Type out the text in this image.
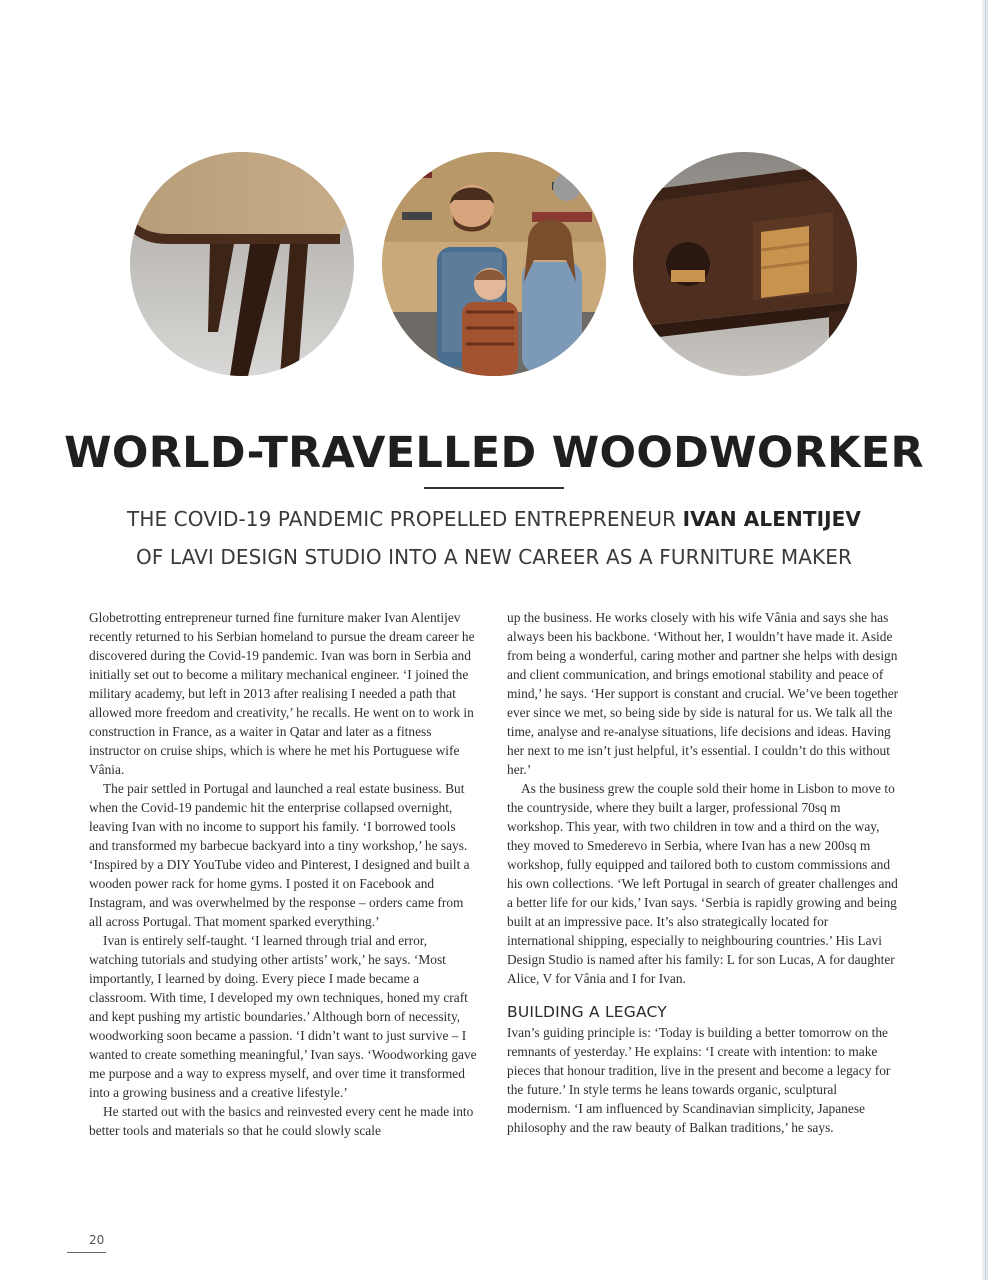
WORLD-TRAVELLED WOODWORKER
THE COVID-19 PANDEMIC PROPELLED ENTREPRENEUR IVAN ALENTIJEV
OF LAVI DESIGN STUDIO INTO A NEW CAREER AS A FURNITURE MAKER

Globetrotting entrepreneur turned fine furniture maker Ivan Alentijev recently returned to his Serbian homeland to pursue the dream career he discovered during the Covid-19 pandemic. Ivan was born in Serbia and initially set out to become a military mechanical engineer. ‘I joined the military academy, but left in 2013 after realising I needed a path that allowed more freedom and creativity,’ he recalls. He went on to work in construction in France, as a waiter in Qatar and later as a fitness instructor on cruise ships, which is where he met his Portuguese wife Vânia.

The pair settled in Portugal and launched a real estate business. But when the Covid-19 pandemic hit the enterprise collapsed overnight, leaving Ivan with no income to support his family. ‘I borrowed tools and transformed my barbecue backyard into a tiny workshop,’ he says. ‘Inspired by a DIY YouTube video and Pinterest, I designed and built a wooden power rack for home gyms. I posted it on Facebook and Instagram, and was overwhelmed by the response – orders came from all across Portugal. That moment sparked everything.’

Ivan is entirely self-taught. ‘I learned through trial and error, watching tutorials and studying other artists’ work,’ he says. ‘Most importantly, I learned by doing. Every piece I made became a classroom. With time, I developed my own techniques, honed my craft and kept pushing my artistic boundaries.’ Although born of necessity, woodworking soon became a passion. ‘I didn’t want to just survive – I wanted to create something meaningful,’ Ivan says. ‘Woodworking gave me purpose and a way to express myself, and over time it transformed into a growing business and a creative lifestyle.’

He started out with the basics and reinvested every cent he made into better tools and materials so that he could slowly scale

up the business. He works closely with his wife Vânia and says she has always been his backbone. ‘Without her, I wouldn’t have made it. Aside from being a wonderful, caring mother and partner she helps with design and client communication, and brings emotional stability and peace of mind,’ he says. ‘Her support is constant and crucial. We’ve been together ever since we met, so being side by side is natural for us. We talk all the time, analyse and re-analyse situations, life decisions and ideas. Having her next to me isn’t just helpful, it’s essential. I couldn’t do this without her.’

As the business grew the couple sold their home in Lisbon to move to the countryside, where they built a larger, professional 70sq m workshop. This year, with two children in tow and a third on the way, they moved to Smederevo in Serbia, where Ivan has a new 200sq m workshop, fully equipped and tailored both to custom commissions and his own collections. ‘We left Portugal in search of greater challenges and a better life for our kids,’ Ivan says. ‘Serbia is rapidly growing and being built at an impressive pace. It’s also strategically located for international shipping, especially to neighbouring countries.’ His Lavi Design Studio is named after his family: L for son Lucas, A for daughter Alice, V for Vânia and I for Ivan.

BUILDING A LEGACY

Ivan’s guiding principle is: ‘Today is building a better tomorrow on the remnants of yesterday.’ He explains: ‘I create with intention: to make pieces that honour tradition, live in the present and become a legacy for the future.’ In style terms he leans towards organic, sculptural modernism. ‘I am influenced by Scandinavian simplicity, Japanese philosophy and the raw beauty of Balkan traditions,’ he says.

20
